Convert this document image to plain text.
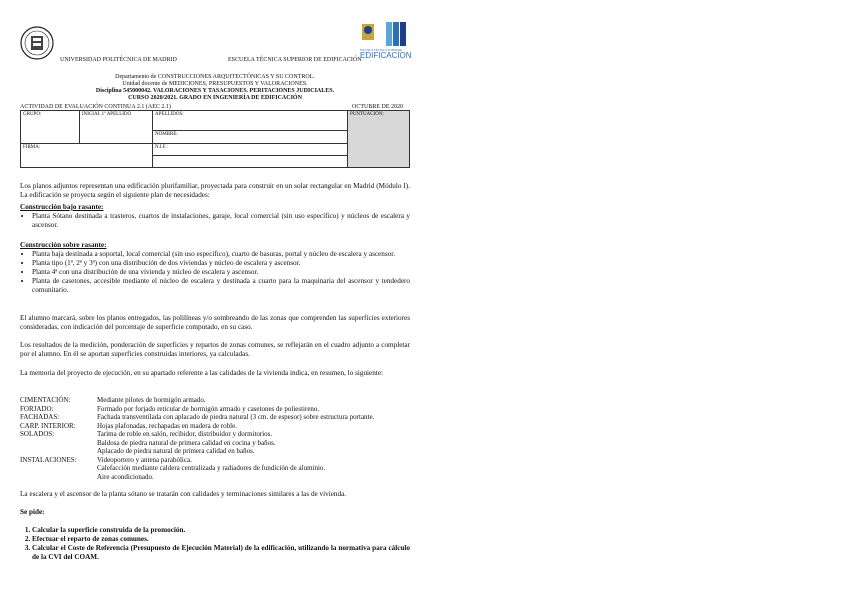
UNIVERSIDAD POLITÉCNICA DE MADRID	ESCUELA TÉCNICA SUPERIOR DE EDIFICACIÓN
ESCUELA TÉCNICA SUPERIOR
EDIFICACION
Departamento de CONSTRUCCIONES ARQUITECTÓNICAS Y SU CONTROL.
Unidad docente de MEDICIONES, PRESUPUESTOS Y VALORACIONES.
Disciplina 545000042. VALORACIONES Y TASACIONES. PERITACIONES JUDICIALES.
CURSO 2020/2021. GRADO EN INGENIERÍA DE EDIFICACIÓN
ACTIVIDAD DE EVALUACIÓN CONTINUA 2.1 (AEC 2.1)	OCTUBRE DE 2020
GRUPO:	INICIAL 1º APELLIDO	APELLIDOS:	PUNTUACIÓN:
		NOMBRE:	
FIRMA:		N.I.F.:	

Los planos adjuntos representan una edificación plurifamiliar, proyectada para construir en un solar rectangular en Madrid (Módulo I). La edificación se proyecta según el siguiente plan de necesidades:
Construcción bajo rasante:
• Planta Sótano destinada a trasteros, cuartos de instalaciones, garaje, local comercial (sin uso específico) y núcleos de escalera y ascensor.
Construcción sobre rasante:
• Planta baja destinada a soportal, local comercial (sin uso específico), cuarto de basuras, portal y núcleo de escalera y ascensor.
• Planta tipo (1ª, 2ª y 3ª) con una distribución de dos viviendas y núcleo de escalera y ascensor.
• Planta 4ª con una distribución de una vivienda y núcleo de escalera y ascensor.
• Planta de casetones, accesible mediante el núcleo de escalera y destinada a cuarto para la maquinaria del ascensor y tendedero comunitario.
El alumno marcará, sobre los planos entregados, las polilíneas y/o sombreando de las zonas que comprenden las superficies exteriores consideradas, con indicación del porcentaje de superficie computado, en su caso.
Los resultados de la medición, ponderación de superficies y repartos de zonas comunes, se reflejarán en el cuadro adjunto a completar por el alumno. En él se aportan superficies construidas interiores, ya calculadas.
La memoria del proyecto de ejecución, en su apartado referente a las calidades de la vivienda indica, en resumen, lo siguiente:
CIMENTACIÓN:	Mediante pilotes de hormigón armado.
FORJADO:	Formado por forjado reticular de hormigón armado y casetones de poliestireno.
FACHADAS:	Fachada transventilada con aplacado de piedra natural (3 cm. de espesor) sobre estructura portante.
CARP. INTERIOR:	Hojas plafonadas, rechapadas en madera de roble.
SOLADOS:	Tarima de roble en salón, recibidor, distribuidor y dormitorios.
Baldosa de piedra natural de primera calidad en cocina y baños.
Aplacado de piedra natural de primera calidad en baños.
INSTALACIONES:	Videoportero y antena parabólica.
Calefacción mediante caldera centralizada y radiadores de fundición de aluminio.
Aire acondicionado.
La escalera y el ascensor de la planta sótano se tratarán con calidades y terminaciones similares a las de vivienda.
Se pide:
1. Calcular la superficie construida de la promoción.
2. Efectuar el reparto de zonas comunes.
3. Calcular el Coste de Referencia (Presupuesto de Ejecución Material) de la edificación, utilizando la normativa para cálculo de la CVI del COAM.
